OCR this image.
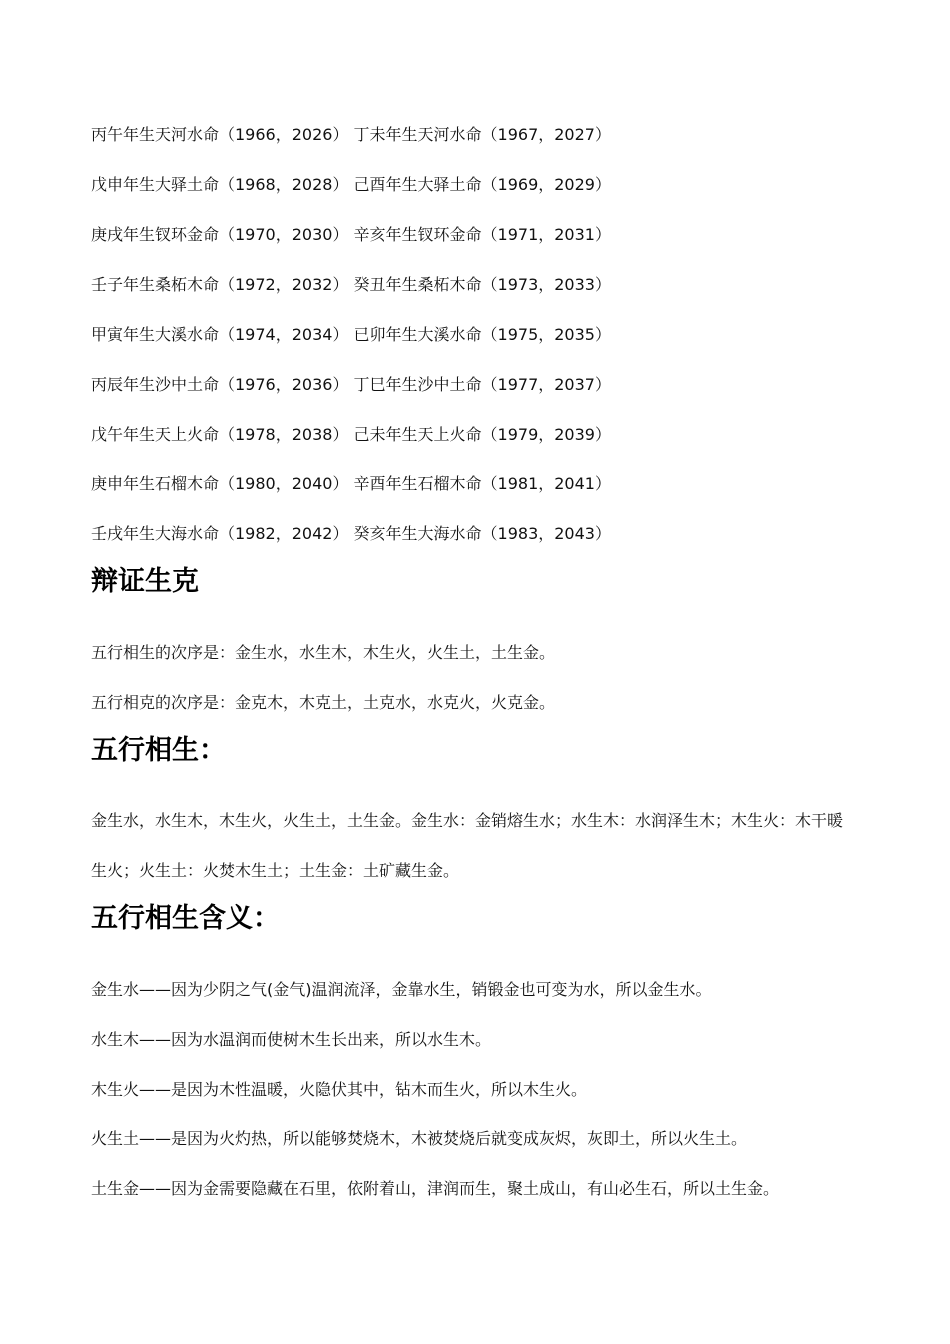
丙午年生天河水命（1966，2026） 丁未年生天河水命（1967，2027）
戊申年生大驿土命（1968，2028） 己酉年生大驿土命（1969，2029）
庚戌年生钗环金命（1970，2030） 辛亥年生钗环金命（1971，2031）
壬子年生桑柘木命（1972，2032） 癸丑年生桑柘木命（1973，2033）
甲寅年生大溪水命（1974，2034） 已卯年生大溪水命（1975，2035）
丙辰年生沙中土命（1976，2036） 丁巳年生沙中土命（1977，2037）
戊午年生天上火命（1978，2038） 己未年生天上火命（1979，2039）
庚申年生石榴木命（1980，2040） 辛酉年生石榴木命（1981，2041）
壬戌年生大海水命（1982，2042） 癸亥年生大海水命（1983，2043）
辩证生克
五行相生的次序是：金生水，水生木，木生火，火生土，土生金。
五行相克的次序是：金克木，木克土，土克水，水克火，火克金。
五行相生：
金生水，水生木，木生火，火生土，土生金。金生水：金销熔生水；水生木：水润泽生木；木生火：木干暖
生火；火生土：火焚木生土；土生金：土矿藏生金。
五行相生含义：
金生水——因为少阴之气(金气)温润流泽，金靠水生，销锻金也可变为水，所以金生水。
水生木——因为水温润而使树木生长出来，所以水生木。
木生火——是因为木性温暖，火隐伏其中，钻木而生火，所以木生火。
火生土——是因为火灼热，所以能够焚烧木，木被焚烧后就变成灰烬，灰即土，所以火生土。
土生金——因为金需要隐藏在石里，依附着山，津润而生，聚土成山，有山必生石，所以土生金。
